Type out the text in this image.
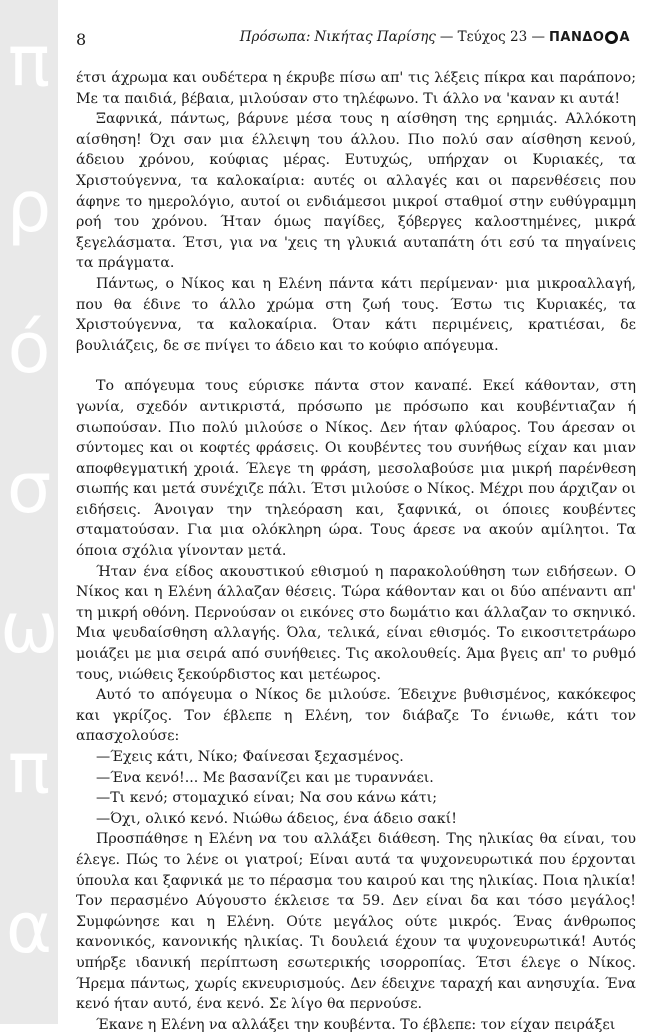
π
ρ
ό
σ
ω
π
α
8	Πρόσωπα: Νικήτας Παρίσης — Τεύχος 23 — ΠΑΝΔΟ Α

έτσι άχρωμα και ουδέτερα η έκρυβε πίσω απ' τις λέξεις πίκρα και παράπονο; Με τα παιδιά, βέβαια, μιλούσαν στο τηλέφωνο. Τι άλλο να 'καναν κι αυτά!

Ξαφνικά, πάντως, βάρυνε μέσα τους η αίσθηση της ερημιάς. Αλλόκοτη αίσθηση! Όχι σαν μια έλλειψη του άλλου. Πιο πολύ σαν αίσθηση κενού, άδειου χρόνου, κούφιας μέρας. Ευτυχώς, υπήρχαν οι Κυριακές, τα Χριστούγεννα, τα καλοκαίρια: αυτές οι αλλαγές και οι παρενθέσεις που άφηνε το ημερολόγιο, αυτοί οι ενδιάμεσοι μικροί σταθμοί στην ευθύγραμμη ροή του χρόνου. Ήταν όμως παγίδες, ξόβεργες καλοστημένες, μικρά ξεγελάσματα. Έτσι, για να 'χεις τη γλυκιά αυταπάτη ότι εσύ τα πηγαίνεις τα πράγματα.

Πάντως, ο Νίκος και η Ελένη πάντα κάτι περίμεναν· μια μικροαλλαγή, που θα έδινε το άλλο χρώμα στη ζωή τους. Έστω τις Κυριακές, τα Χριστούγεννα, τα καλοκαίρια. Όταν κάτι περιμένεις, κρατιέσαι, δε βουλιάζεις, δε σε πνίγει το άδειο και το κούφιο απόγευμα.

Το απόγευμα τους εύρισκε πάντα στον καναπέ. Εκεί κάθονταν, στη γωνία, σχεδόν αντικριστά, πρόσωπο με πρόσωπο και κουβέντιαζαν ή σιωπούσαν. Πιο πολύ μιλούσε ο Νίκος. Δεν ήταν φλύαρος. Του άρεσαν οι σύντομες και οι κοφτές φράσεις. Οι κουβέντες του συνήθως είχαν και μιαν αποφθεγματική χροιά. Έλεγε τη φράση, μεσολαβούσε μια μικρή παρένθεση σιωπής και μετά συνέχιζε πάλι. Έτσι μιλούσε ο Νίκος. Μέχρι που άρχιζαν οι ειδήσεις. Άνοιγαν την τηλεόραση και, ξαφνικά, οι όποιες κουβέντες σταματούσαν. Για μια ολόκληρη ώρα. Τους άρεσε να ακούν αμίλητοι. Τα όποια σχόλια γίνονταν μετά.

Ήταν ένα είδος ακουστικού εθισμού η παρακολούθηση των ειδήσεων. Ο Νίκος και η Ελένη άλλαζαν θέσεις. Τώρα κάθονταν και οι δύο απέναντι απ' τη μικρή οθόνη. Περνούσαν οι εικόνες στο δωμάτιο και άλλαζαν το σκηνικό. Μια ψευδαίσθηση αλλαγής. Όλα, τελικά, είναι εθισμός. Το εικοσιτετράωρο μοιάζει με μια σειρά από συνήθειες. Τις ακολουθείς. Άμα βγεις απ' το ρυθμό τους, νιώθεις ξεκούρδιστος και μετέωρος.

Αυτό το απόγευμα ο Νίκος δε μιλούσε. Έδειχνε βυθισμένος, κακόκεφος και γκρίζος. Τον έβλεπε η Ελένη, τον διάβαζε Το ένιωθε, κάτι τον απασχολούσε:

—Έχεις κάτι, Νίκο; Φαίνεσαι ξεχασμένος.
—Ένα κενό!... Με βασανίζει και με τυραννάει.
—Τι κενό; στομαχικό είναι; Να σου κάνω κάτι;
—Όχι, ολικό κενό. Νιώθω άδειος, ένα άδειο σακί!

Προσπάθησε η Ελένη να του αλλάξει διάθεση. Της ηλικίας θα είναι, του έλεγε. Πώς το λένε οι γιατροί; Είναι αυτά τα ψυχονευρωτικά που έρχονται ύπουλα και ξαφνικά με το πέρασμα του καιρού και της ηλικίας. Ποια ηλικία! Τον περασμένο Αύγουστο έκλεισε τα 59. Δεν είναι δα και τόσο μεγάλος! Συμφώνησε και η Ελένη. Ούτε μεγάλος ούτε μικρός. Ένας άνθρωπος κανονικός, κανονικής ηλικίας. Τι δουλειά έχουν τα ψυχονευρωτικά! Αυτός υπήρξε ιδανική περίπτωση εσωτερικής ισορροπίας. Έτσι έλεγε ο Νίκος. Ήρεμα πάντως, χωρίς εκνευρισμούς. Δεν έδειχνε ταραχή και ανησυχία. Ένα κενό ήταν αυτό, ένα κενό. Σε λίγο θα περνούσε.

Έκανε η Ελένη να αλλάξει την κουβέντα. Το έβλεπε: τον είχαν πειράξει
